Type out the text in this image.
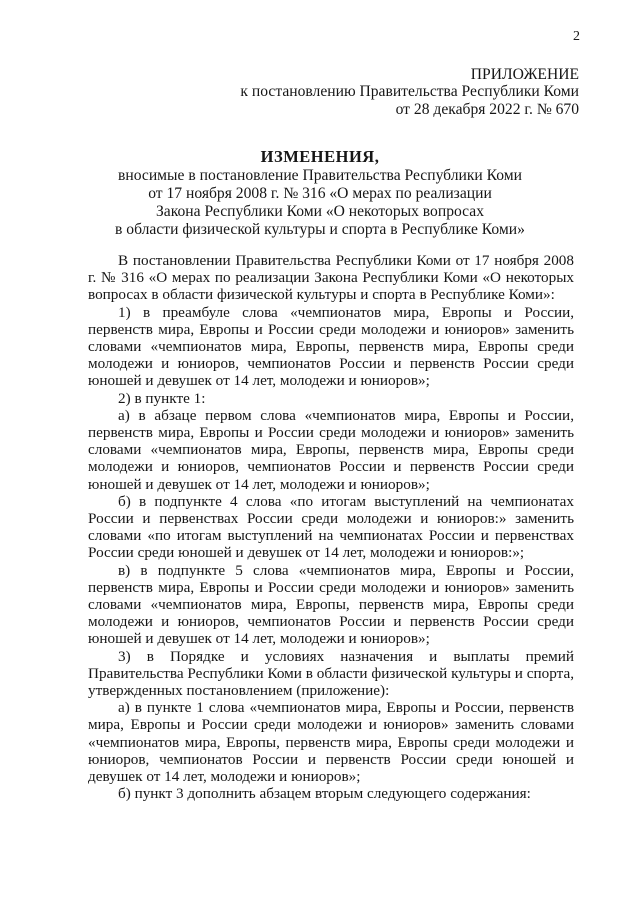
2
ПРИЛОЖЕНИЕ
к постановлению Правительства Республики Коми
от 28 декабря 2022 г. № 670
ИЗМЕНЕНИЯ,
вносимые в постановление Правительства Республики Коми
от 17 ноября 2008 г. № 316 «О мерах по реализации
Закона Республики Коми «О некоторых вопросах
в области физической культуры и спорта в Республике Коми»

В постановлении Правительства Республики Коми от 17 ноября 2008 г. № 316 «О мерах по реализации Закона Республики Коми «О некоторых вопросах в области физической культуры и спорта в Республике Коми»:

1) в преамбуле слова «чемпионатов мира, Европы и России, первенств мира, Европы и России среди молодежи и юниоров» заменить словами «чемпионатов мира, Европы, первенств мира, Европы среди молодежи и юниоров, чемпионатов России и первенств России среди юношей и девушек от 14 лет, молодежи и юниоров»;

2) в пункте 1:

а) в абзаце первом слова «чемпионатов мира, Европы и России, первенств мира, Европы и России среди молодежи и юниоров» заменить словами «чемпионатов мира, Европы, первенств мира, Европы среди молодежи и юниоров, чемпионатов России и первенств России среди юношей и девушек от 14 лет, молодежи и юниоров»;

б) в подпункте 4 слова «по итогам выступлений на чемпионатах России и первенствах России среди молодежи и юниоров:» заменить словами «по итогам выступлений на чемпионатах России и первенствах России среди юношей и девушек от 14 лет, молодежи и юниоров:»;

в) в подпункте 5 слова «чемпионатов мира, Европы и России, первенств мира, Европы и России среди молодежи и юниоров» заменить словами «чемпионатов мира, Европы, первенств мира, Европы среди молодежи и юниоров, чемпионатов России и первенств России среди юношей и девушек от 14 лет, молодежи и юниоров»;

3) в Порядке и условиях назначения и выплаты премий Правительства Республики Коми в области физической культуры и спорта, утвержденных постановлением (приложение):

а) в пункте 1 слова «чемпионатов мира, Европы и России, первенств мира, Европы и России среди молодежи и юниоров» заменить словами «чемпионатов мира, Европы, первенств мира, Европы среди молодежи и юниоров, чемпионатов России и первенств России среди юношей и девушек от 14 лет, молодежи и юниоров»;

б) пункт 3 дополнить абзацем вторым следующего содержания:
